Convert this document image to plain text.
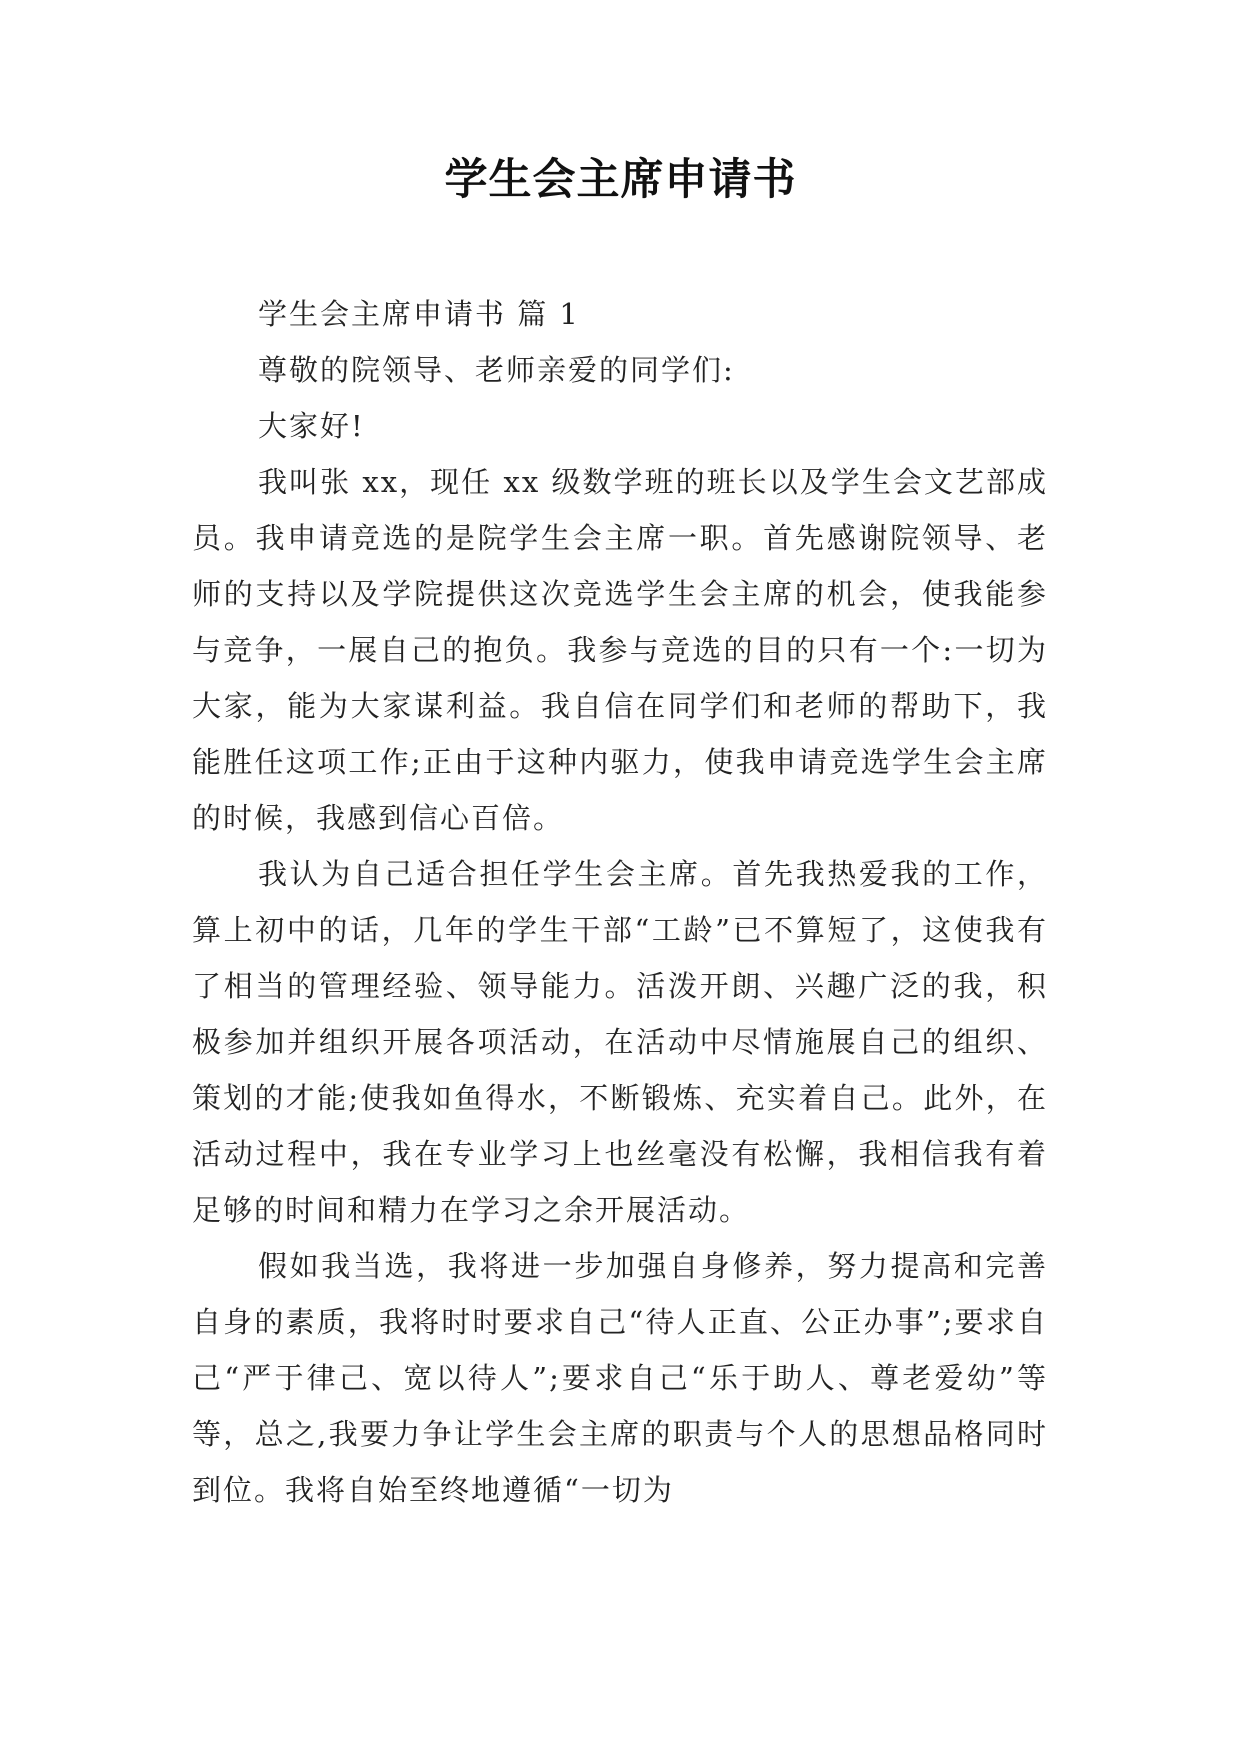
学生会主席申请书

学生会主席申请书 篇 1

尊敬的院领导、老师亲爱的同学们:

大家好!

我叫张 xx，现任 xx 级数学班的班长以及学生会文艺部成员。我申请竞选的是院学生会主席一职。首先感谢院领导、老师的支持以及学院提供这次竞选学生会主席的机会，使我能参与竞争，一展自己的抱负。我参与竞选的目的只有一个:一切为大家，能为大家谋利益。我自信在同学们和老师的帮助下，我能胜任这项工作;正由于这种内驱力，使我申请竞选学生会主席的时候，我感到信心百倍。

我认为自己适合担任学生会主席。首先我热爱我的工作，算上初中的话，几年的学生干部“工龄”已不算短了，这使我有了相当的管理经验、领导能力。活泼开朗、兴趣广泛的我，积极参加并组织开展各项活动，在活动中尽情施展自己的组织、策划的才能;使我如鱼得水，不断锻炼、充实着自己。此外，在活动过程中，我在专业学习上也丝毫没有松懈，我相信我有着足够的时间和精力在学习之余开展活动。

假如我当选，我将进一步加强自身修养，努力提高和完善自身的素质，我将时时要求自己“待人正直、公正办事”;要求自己“严于律己、宽以待人”;要求自己“乐于助人、尊老爱幼”等等，总之,我要力争让学生会主席的职责与个人的思想品格同时到位。我将自始至终地遵循“一切为
